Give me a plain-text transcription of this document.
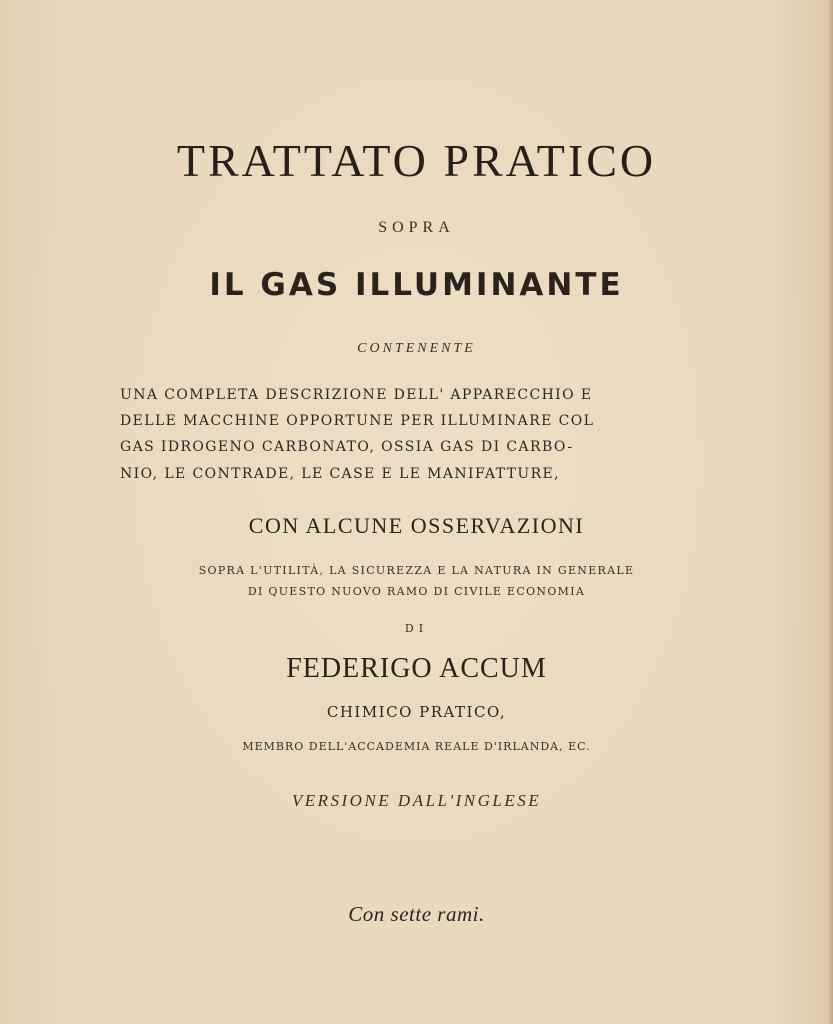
TRATTATO PRATICO
SOPRA
IL GAS ILLUMINANTE
CONTENENTE
UNA COMPLETA DESCRIZIONE DELL' APPARECCHIO E
DELLE MACCHINE OPPORTUNE PER ILLUMINARE COL
GAS IDROGENO CARBONATO, OSSIA GAS DI CARBO-
NIO, LE CONTRADE, LE CASE E LE MANIFATTURE,
CON ALCUNE OSSERVAZIONI
SOPRA L'UTILITÀ, LA SICUREZZA E LA NATURA IN GENERALE
DI QUESTO NUOVO RAMO DI CIVILE ECONOMIA
DI
FEDERIGO ACCUM
CHIMICO PRATICO,
MEMBRO DELL'ACCADEMIA REALE D'IRLANDA, EC.
VERSIONE DALL'INGLESE
Con sette rami.
